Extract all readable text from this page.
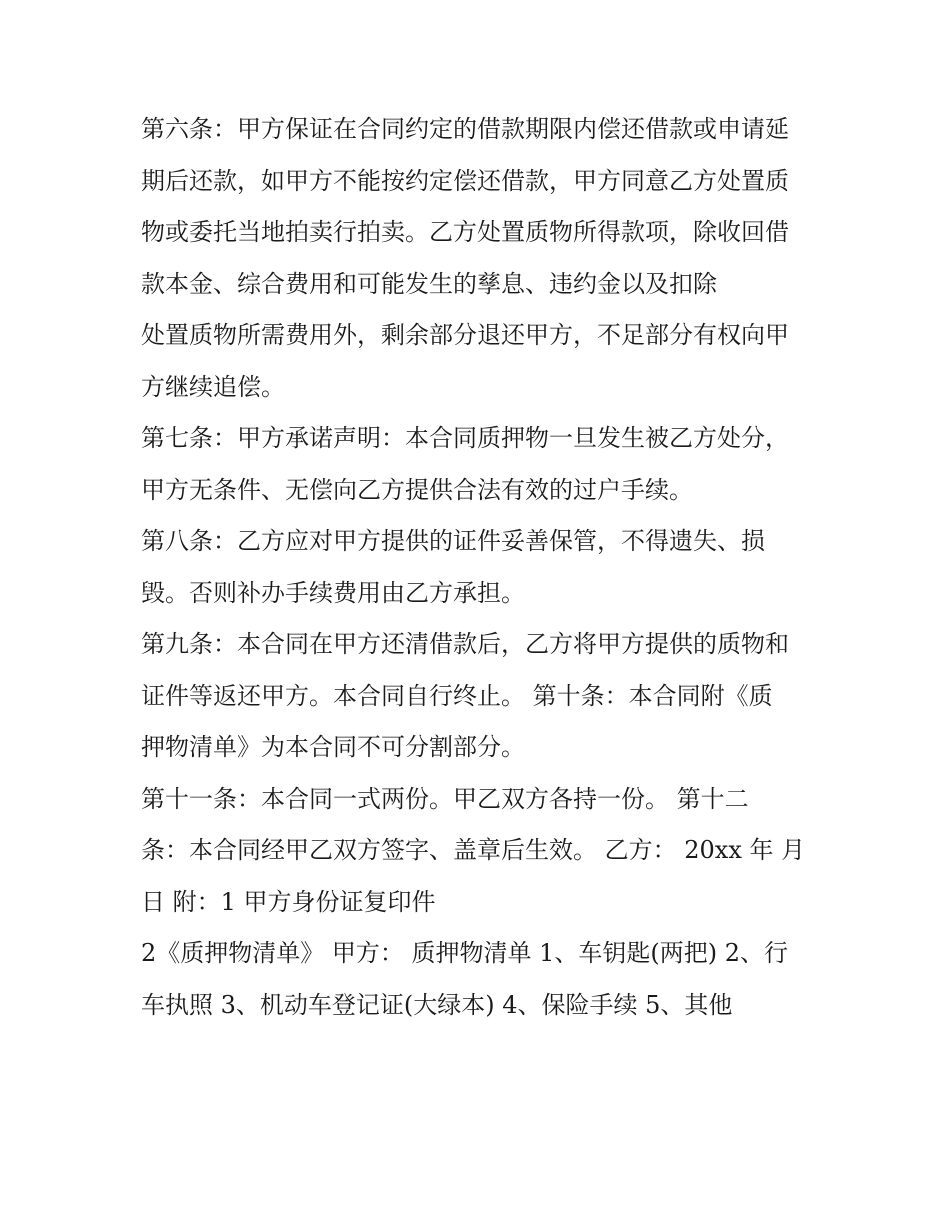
第六条：甲方保证在合同约定的借款期限内偿还借款或申请延
期后还款，如甲方不能按约定偿还借款，甲方同意乙方处置质
物或委托当地拍卖行拍卖。乙方处置质物所得款项，除收回借
款本金、综合费用和可能发生的孳息、违约金以及扣除
处置质物所需费用外，剩余部分退还甲方，不足部分有权向甲
方继续追偿。
第七条：甲方承诺声明：本合同质押物一旦发生被乙方处分，
甲方无条件、无偿向乙方提供合法有效的过户手续。
第八条：乙方应对甲方提供的证件妥善保管，不得遗失、损
毁。否则补办手续费用由乙方承担。
第九条：本合同在甲方还清借款后，乙方将甲方提供的质物和
证件等返还甲方。本合同自行终止。 第十条：本合同附《质
押物清单》为本合同不可分割部分。
第十一条：本合同一式两份。甲乙双方各持一份。 第十二
条：本合同经甲乙双方签字、盖章后生效。 乙方： 20xx 年 月
日 附：1 甲方身份证复印件
2《质押物清单》 甲方： 质押物清单 1、车钥匙(两把) 2、行
车执照 3、机动车登记证(大绿本) 4、保险手续 5、其他
